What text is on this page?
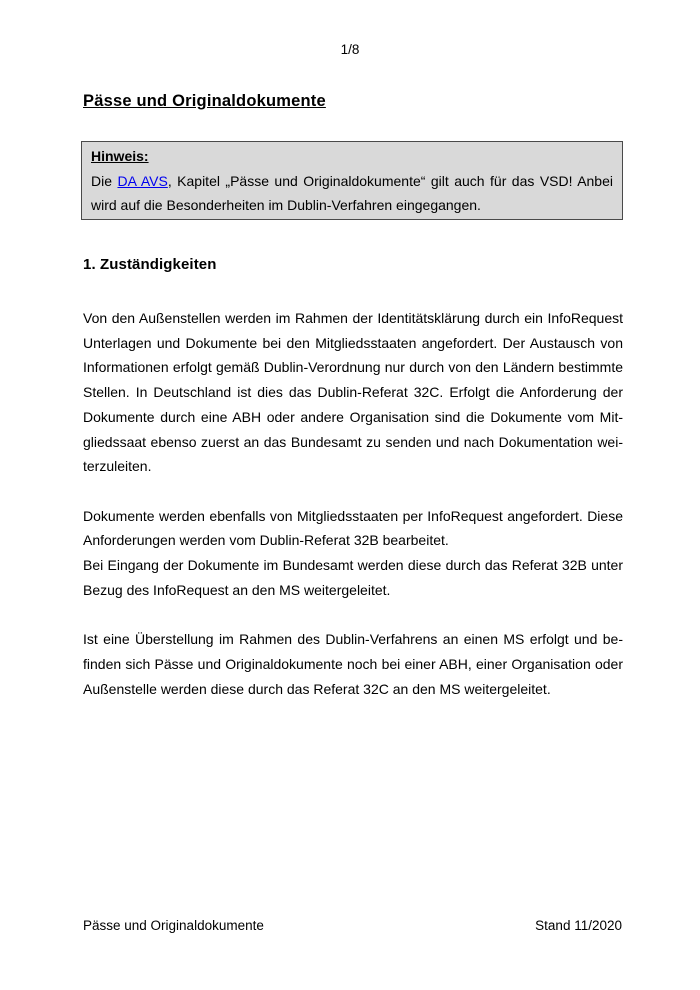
1/8
Pässe und Originaldokumente
Hinweis:
Die DA AVS, Kapitel „Pässe und Originaldokumente“ gilt auch für das VSD! Anbei
wird auf die Besonderheiten im Dublin-Verfahren eingegangen.
1. Zuständigkeiten

Von den Außenstellen werden im Rahmen der Identitätsklärung durch ein InfoRequest
Unterlagen und Dokumente bei den Mitgliedsstaaten angefordert. Der Austausch von
Informationen erfolgt gemäß Dublin-Verordnung nur durch von den Ländern bestimmte
Stellen. In Deutschland ist dies das Dublin-Referat 32C. Erfolgt die Anforderung der
Dokumente durch eine ABH oder andere Organisation sind die Dokumente vom Mit-
gliedssaat ebenso zuerst an das Bundesamt zu senden und nach Dokumentation wei-
terzuleiten.

Dokumente werden ebenfalls von Mitgliedsstaaten per InfoRequest angefordert. Diese
Anforderungen werden vom Dublin-Referat 32B bearbeitet.
Bei Eingang der Dokumente im Bundesamt werden diese durch das Referat 32B unter
Bezug des InfoRequest an den MS weitergeleitet.

Ist eine Überstellung im Rahmen des Dublin-Verfahrens an einen MS erfolgt und be-
finden sich Pässe und Originaldokumente noch bei einer ABH, einer Organisation oder
Außenstelle werden diese durch das Referat 32C an den MS weitergeleitet.

Pässe und Originaldokumente	Stand 11/2020
